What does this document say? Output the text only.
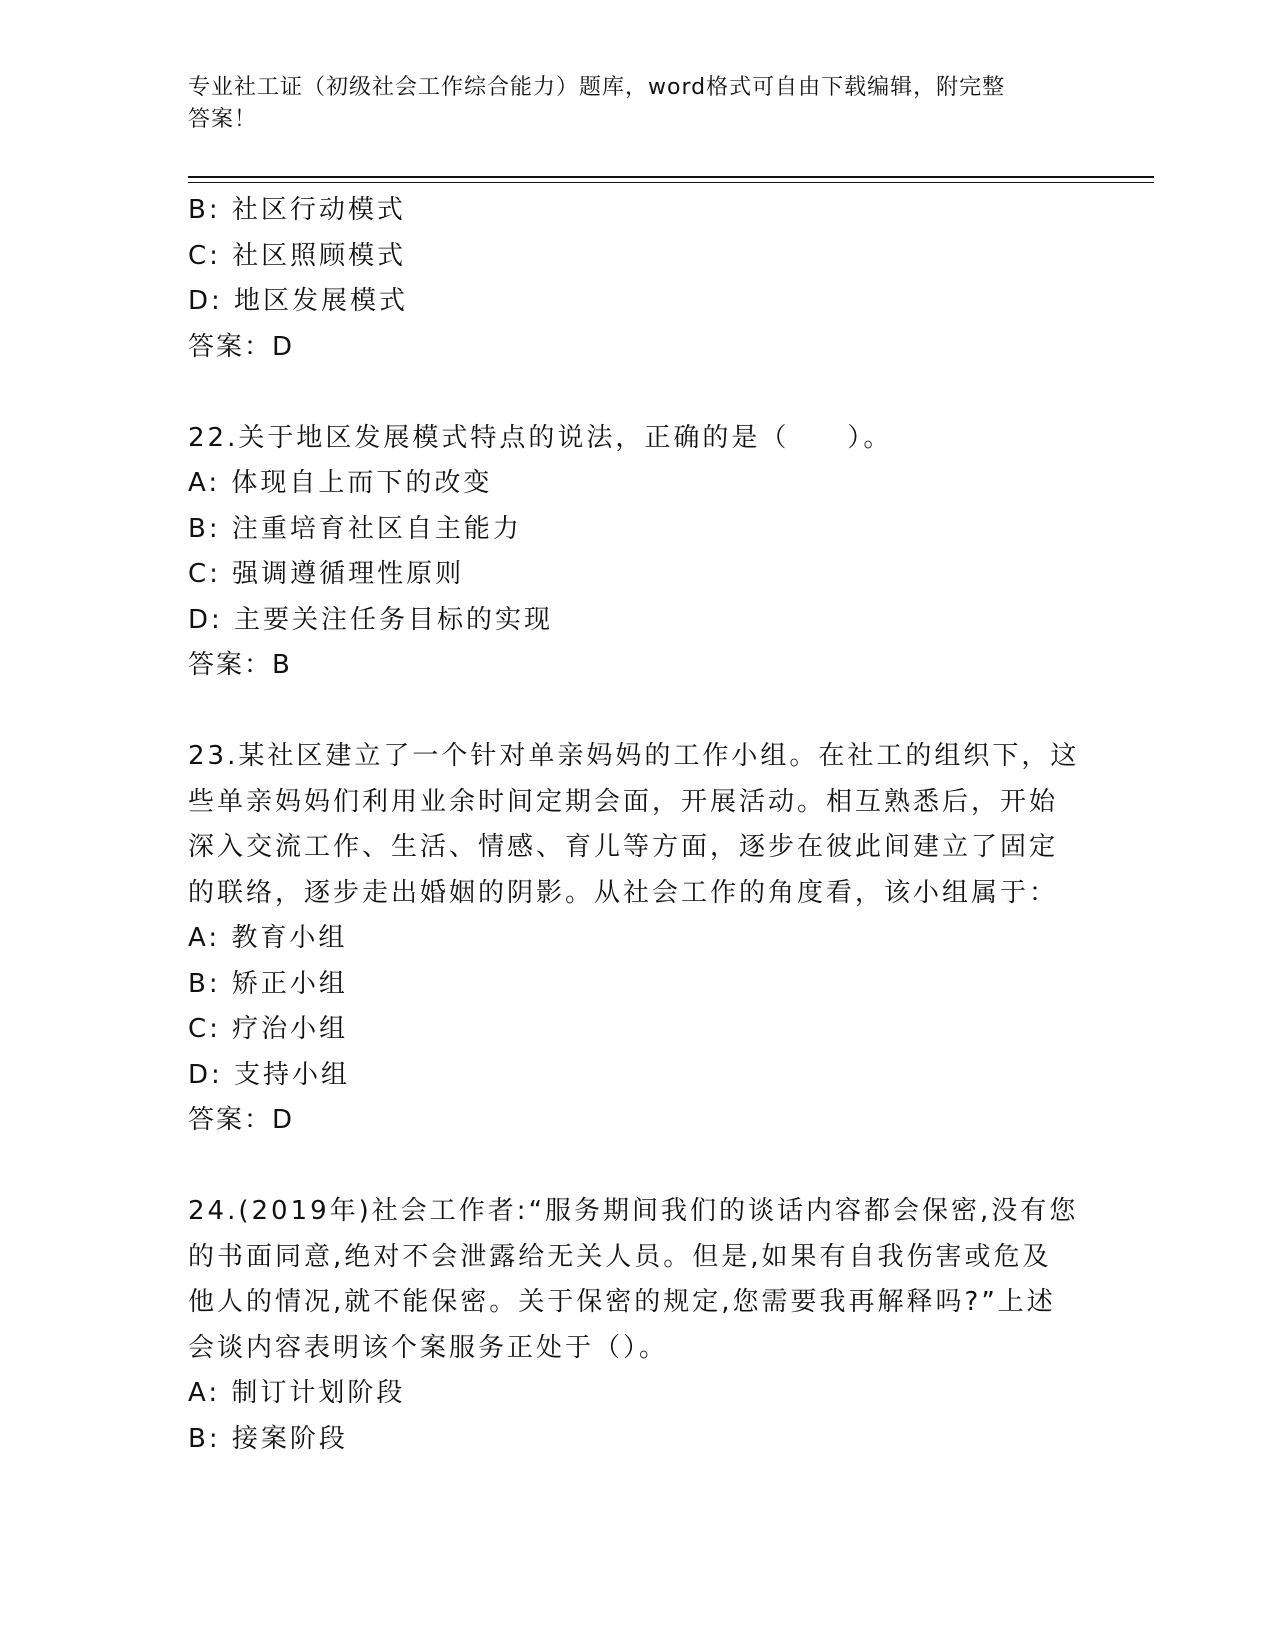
专业社工证（初级社会工作综合能力）题库，word格式可自由下载编辑，附完整
答案！
B: 社区行动模式
C: 社区照顾模式
D: 地区发展模式
答案：D
22.关于地区发展模式特点的说法，正确的是（　　）。
A: 体现自上而下的改变
B: 注重培育社区自主能力
C: 强调遵循理性原则
D: 主要关注任务目标的实现
答案：B
23.某社区建立了一个针对单亲妈妈的工作小组。在社工的组织下，这
些单亲妈妈们利用业余时间定期会面，开展活动。相互熟悉后，开始
深入交流工作、生活、情感、育儿等方面，逐步在彼此间建立了固定
的联络，逐步走出婚姻的阴影。从社会工作的角度看，该小组属于：
A: 教育小组
B: 矫正小组
C: 疗治小组
D: 支持小组
答案：D
24.(2019年)社会工作者:“服务期间我们的谈话内容都会保密,没有您
的书面同意,绝对不会泄露给无关人员。但是,如果有自我伤害或危及
他人的情况,就不能保密。关于保密的规定,您需要我再解释吗?”上述
会谈内容表明该个案服务正处于（）。
A: 制订计划阶段
B: 接案阶段
